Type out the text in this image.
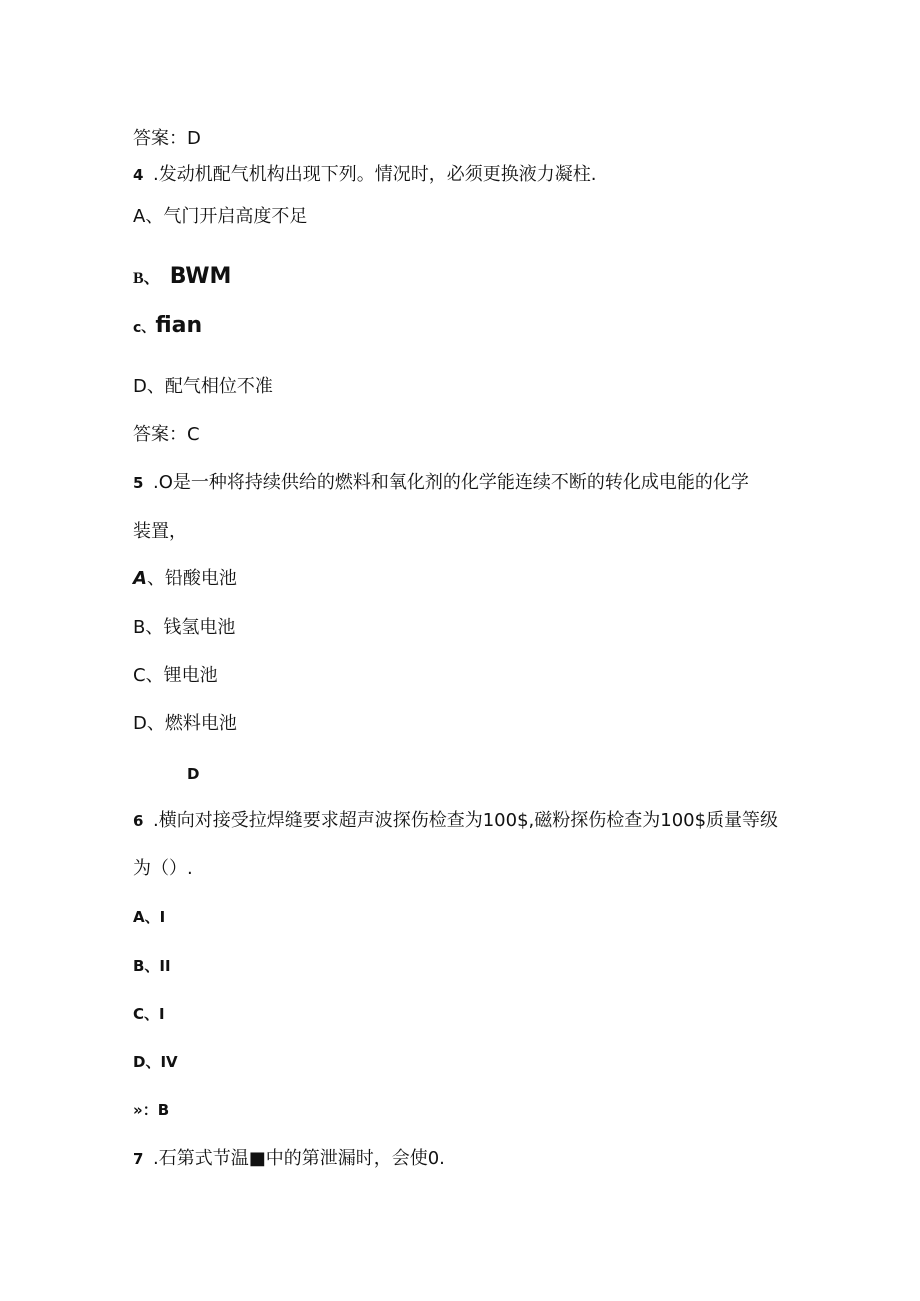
答案：D
4 .发动机配气机构出现下列。情况时，必须更换液力凝柱.
A、气门开启高度不足
B、 BWM
c、fian
D、配气相位不准
答案：C
5 .O是一种将持续供给的燃料和氧化剂的化学能连续不断的转化成电能的化学
装置，
A、铅酸电池
B、钱氢电池
C、锂电池
D、燃料电池
D
6 .横向对接受拉焊缝要求超声波探伤检查为100$,磁粉探伤检查为100$质量等级
为（）.
A、I
B、II
C、I
D、IV
»：B
7 .石第式节温■中的第泄漏时，会使0.
